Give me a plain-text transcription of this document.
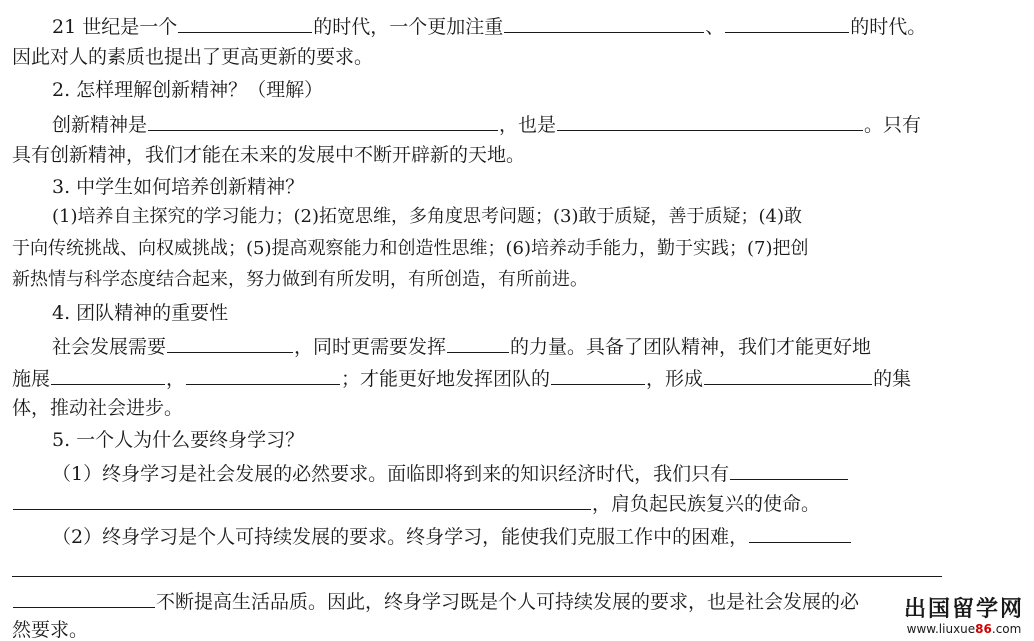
21 世纪是一个	的时代，一个更加注重	、	的时代。
因此对人的素质也提出了更高更新的要求。
2. 怎样理解创新精神？（理解）
创新精神是	，也是	。只有
具有创新精神，我们才能在未来的发展中不断开辟新的天地。
3. 中学生如何培养创新精神？
(1)培养自主探究的学习能力；(2)拓宽思维，多角度思考问题；(3)敢于质疑，善于质疑；(4)敢
于向传统挑战、向权威挑战；(5)提高观察能力和创造性思维；(6)培养动手能力，勤于实践；(7)把创
新热情与科学态度结合起来，努力做到有所发明，有所创造，有所前进。
4. 团队精神的重要性
社会发展需要	，同时更需要发挥	的力量。具备了团队精神，我们才能更好地
施展	，	；才能更好地发挥团队的	，形成	的集
体，推动社会进步。
5. 一个人为什么要终身学习？
（1）终身学习是社会发展的必然要求。面临即将到来的知识经济时代，我们只有
，肩负起民族复兴的使命。
（2）终身学习是个人可持续发展的要求。终身学习，能使我们克服工作中的困难，
不断提高生活品质。因此，终身学习既是个人可持续发展的要求，也是社会发展的必
然要求。
出国留学网
www.liuxue86.com
